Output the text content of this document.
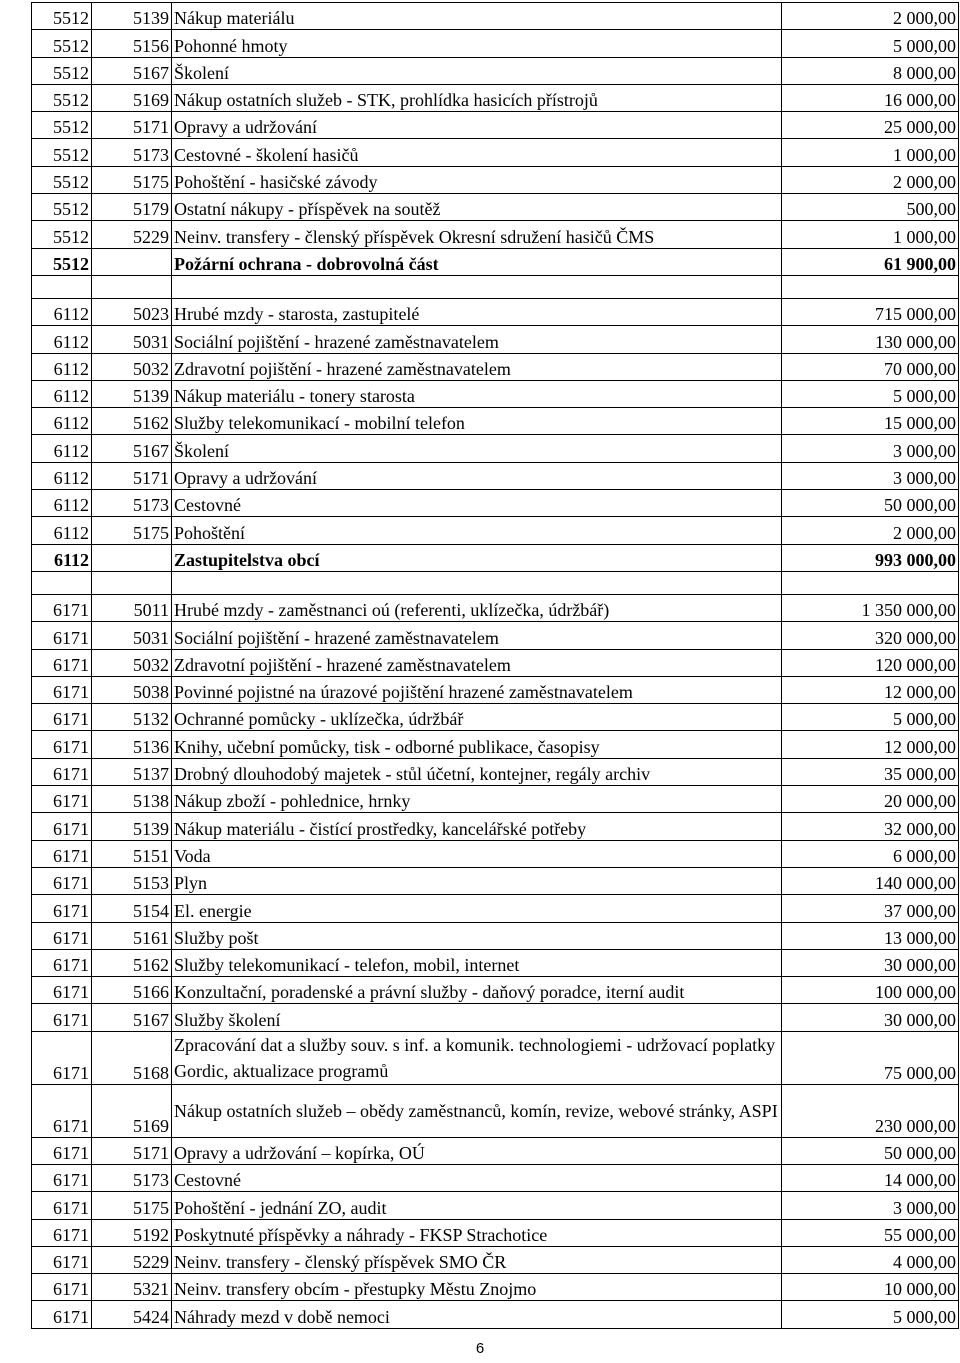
5512	5139	Nákup materiálu	2 000,00
5512	5156	Pohonné hmoty	5 000,00
5512	5167	Školení	8 000,00
5512	5169	Nákup ostatních služeb - STK, prohlídka hasicích přístrojů	16 000,00
5512	5171	Opravy a udržování	25 000,00
5512	5173	Cestovné - školení hasičů	1 000,00
5512	5175	Pohoštění - hasičské závody	2 000,00
5512	5179	Ostatní nákupy - příspěvek na soutěž	500,00
5512	5229	Neinv. transfery - členský příspěvek Okresní sdružení hasičů ČMS	1 000,00
5512		Požární ochrana - dobrovolná část	61 900,00

6112	5023	Hrubé mzdy - starosta, zastupitelé	715 000,00
6112	5031	Sociální pojištění - hrazené zaměstnavatelem	130 000,00
6112	5032	Zdravotní pojištění - hrazené zaměstnavatelem	70 000,00
6112	5139	Nákup materiálu - tonery starosta	5 000,00
6112	5162	Služby telekomunikací - mobilní telefon	15 000,00
6112	5167	Školení	3 000,00
6112	5171	Opravy a udržování	3 000,00
6112	5173	Cestovné	50 000,00
6112	5175	Pohoštění	2 000,00
6112		Zastupitelstva obcí	993 000,00

6171	5011	Hrubé mzdy - zaměstnanci oú (referenti, uklízečka, údržbář)	1 350 000,00
6171	5031	Sociální pojištění - hrazené zaměstnavatelem	320 000,00
6171	5032	Zdravotní pojištění - hrazené zaměstnavatelem	120 000,00
6171	5038	Povinné pojistné na úrazové pojištění hrazené zaměstnavatelem	12 000,00
6171	5132	Ochranné pomůcky - uklízečka, údržbář	5 000,00
6171	5136	Knihy, učební pomůcky, tisk - odborné publikace, časopisy	12 000,00
6171	5137	Drobný dlouhodobý majetek - stůl účetní, kontejner, regály archiv	35 000,00
6171	5138	Nákup zboží - pohlednice, hrnky	20 000,00
6171	5139	Nákup materiálu - čistící prostředky, kancelářské potřeby	32 000,00
6171	5151	Voda	6 000,00
6171	5153	Plyn	140 000,00
6171	5154	El. energie	37 000,00
6171	5161	Služby pošt	13 000,00
6171	5162	Služby telekomunikací - telefon, mobil, internet	30 000,00
6171	5166	Konzultační, poradenské a právní služby - daňový poradce, iterní audit	100 000,00
6171	5167	Služby školení	30 000,00
6171	5168	Zpracování dat a služby souv. s inf. a komunik. technologiemi - udržovací poplatky Gordic, aktualizace programů	75 000,00
6171	5169	Nákup ostatních služeb – obědy zaměstnanců, komín, revize, webové stránky, ASPI	230 000,00
6171	5171	Opravy a udržování – kopírka, OÚ	50 000,00
6171	5173	Cestovné	14 000,00
6171	5175	Pohoštění - jednání ZO, audit	3 000,00
6171	5192	Poskytnuté příspěvky a náhrady - FKSP Strachotice	55 000,00
6171	5229	Neinv. transfery - členský příspěvek SMO ČR	4 000,00
6171	5321	Neinv. transfery obcím - přestupky Městu Znojmo	10 000,00
6171	5424	Náhrady mezd v době nemoci	5 000,00
6
